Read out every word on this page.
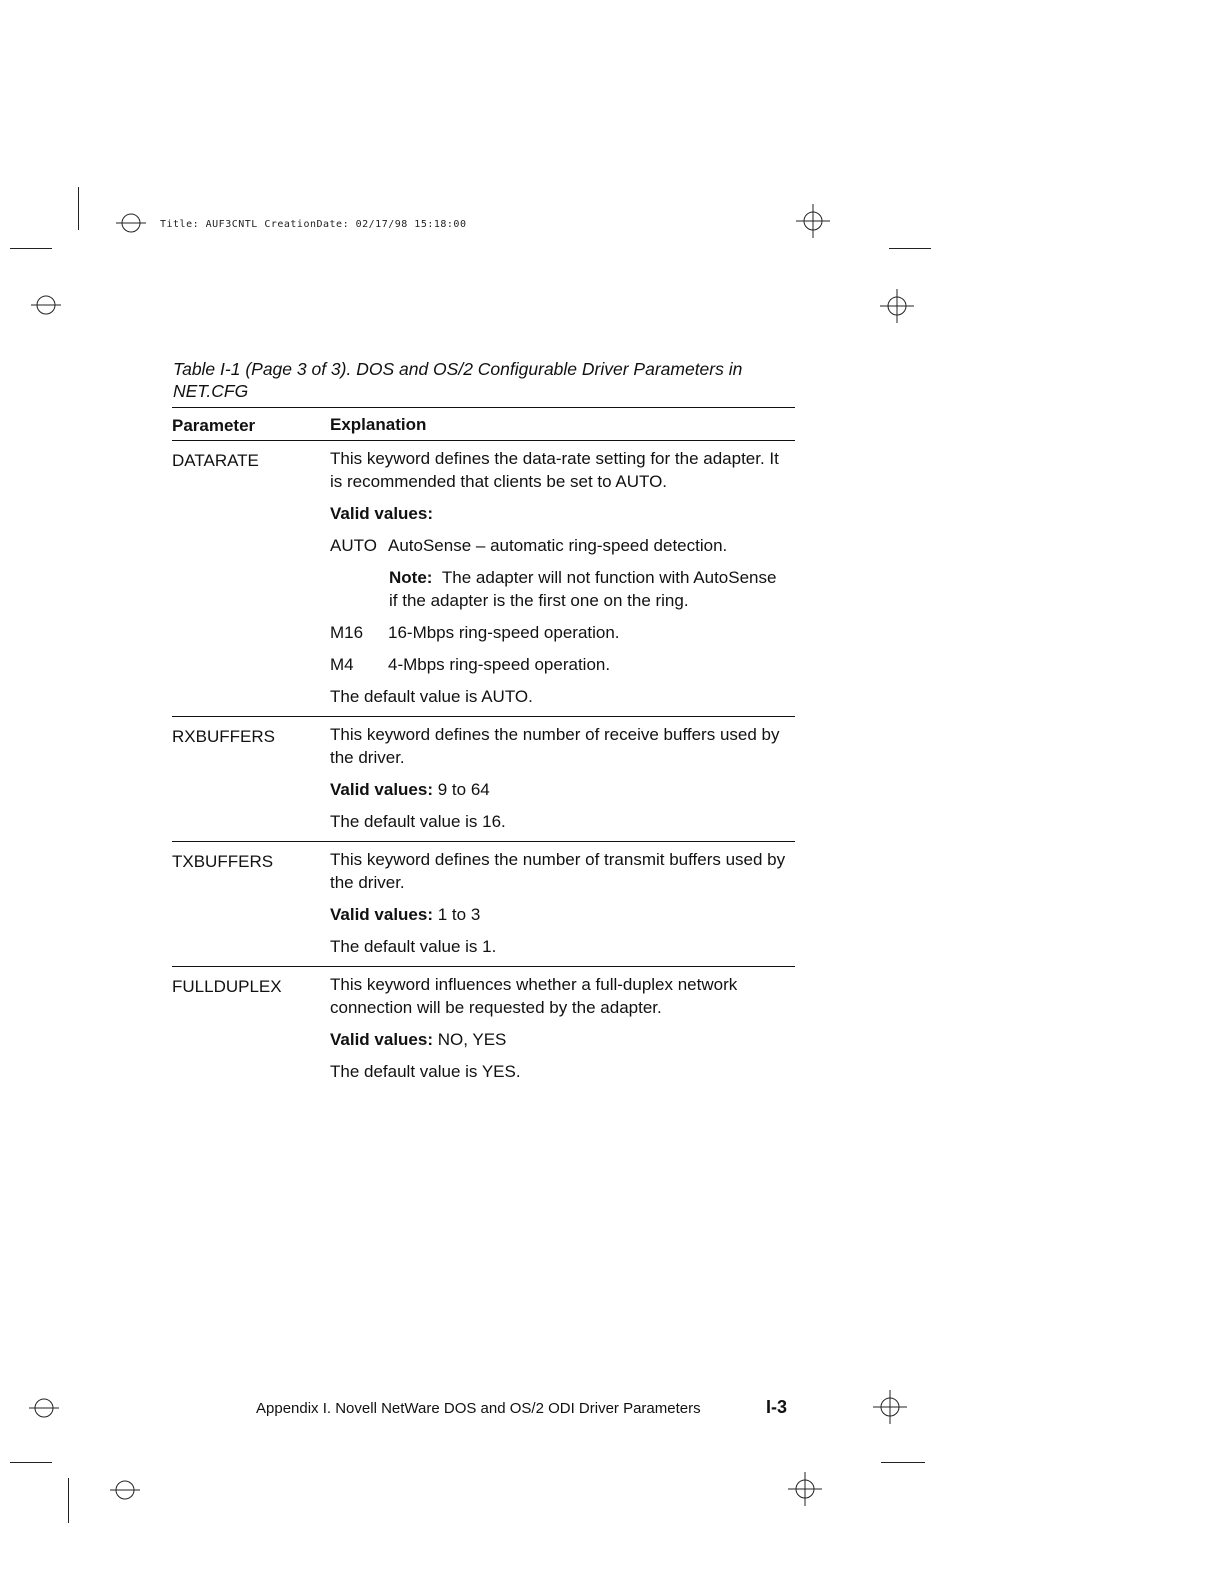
Title: AUF3CNTL CreationDate: 02/17/98 15:18:00
Table I-1 (Page 3 of 3). DOS and OS/2 Configurable Driver Parameters in NET.CFG
Parameter	Explanation
DATARATE	This keyword defines the data-rate setting for the adapter. It is recommended that clients be set to AUTO.

Valid values:

AUTO AutoSense – automatic ring-speed detection.
Note: The adapter will not function with AutoSense if the adapter is the first one on the ring.
M16	16-Mbps ring-speed operation.
M4	4-Mbps ring-speed operation.

The default value is AUTO.

RXBUFFERS	This keyword defines the number of receive buffers used by the driver.

Valid values: 9 to 64

The default value is 16.

TXBUFFERS	This keyword defines the number of transmit buffers used by the driver.

Valid values: 1 to 3

The default value is 1.

FULLDUPLEX	This keyword influences whether a full-duplex network connection will be requested by the adapter.

Valid values: NO, YES

The default value is YES.

Appendix I. Novell NetWare DOS and OS/2 ODI Driver Parameters	I-3
